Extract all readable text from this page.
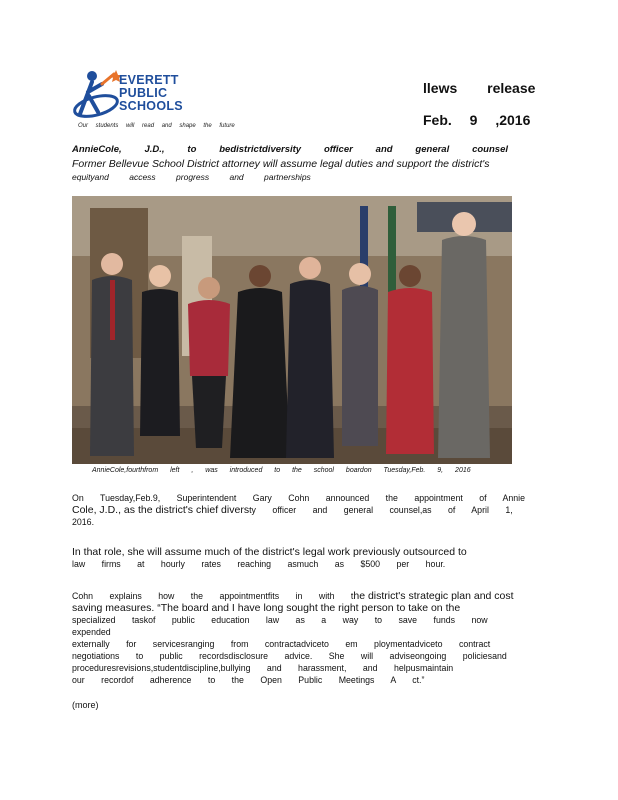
EVERETT
PUBLIC
SCHOOLS
Our students will read and shape the future
llews release
Feb. 9 ,2016
AnnieCole, J.D., to bedistrictdiversity officer and general counsel
Former Bellevue School District attorney will assume legal duties and support the district's
equityand access progress and partnerships
AnnieCole,fourthfrom left , was introduced to the school boardon Tuesday,Feb. 9, 2016
On Tuesday,Feb.9, Superintendent Gary Cohn announced the appointment of Annie
Cole, J.D., as the district's chief diversty officer and general counsel,as of April 1,
2016.
In that role, she will assume much of the district's legal work previously outsourced to
law firms at hourly rates reaching asmuch as $500 per hour.
Cohn explains how the appointmentfits in with the district's strategic plan and cost
saving measures. “The board and I have long sought the right person to take on the
specialized taskof public education law as a way to save funds now expended
externally for servicesranging from contractadviceto em ploymentadviceto contract
negotiations to public recordsdisclosure advice. She will adviseongoing policiesand
proceduresrevisions,studentdiscipline,bullying and harassment, and helpusmaintain
our recordof adherence to the Open Public Meetings A ct.”
(more)
